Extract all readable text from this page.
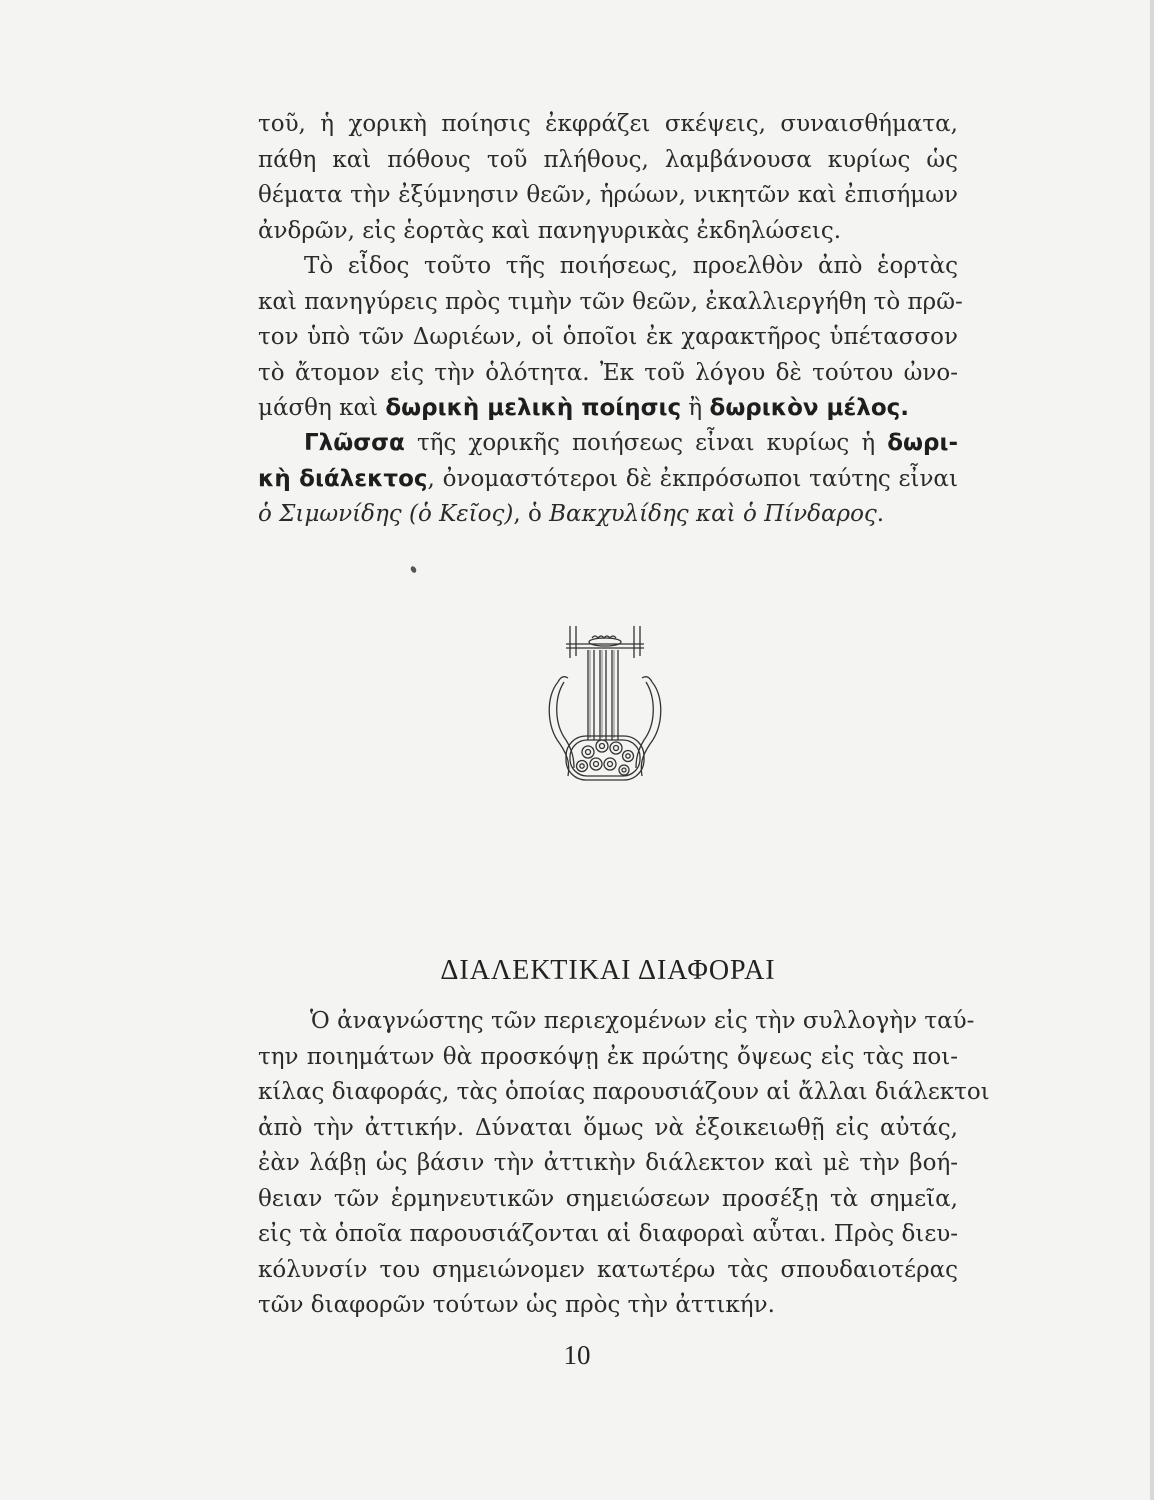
τοῦ, ἡ χορικὴ ποίησις ἐκφράζει σκέψεις, συναισθήματα,
πάθη καὶ πόθους τοῦ πλήθους, λαμβάνουσα κυρίως ὡς
θέματα τὴν ἐξύμνησιν θεῶν, ἡρώων, νικητῶν καὶ ἐπισήμων
ἀνδρῶν, εἰς ἑορτὰς καὶ πανηγυρικὰς ἐκδηλώσεις.
Τὸ εἶδος τοῦτο τῆς ποιήσεως, προελθὸν ἀπὸ ἑορτὰς
καὶ πανηγύρεις πρὸς τιμὴν τῶν θεῶν, ἐκαλλιεργήθη τὸ πρῶ-
τον ὑπὸ τῶν Δωριέων, οἱ ὁποῖοι ἐκ χαρακτῆρος ὑπέτασσον
τὸ ἄτομον εἰς τὴν ὁλότητα. Ἐκ τοῦ λόγου δὲ τούτου ὠνο-
μάσθη καὶ δωρικὴ μελικὴ ποίησις ἢ δωρικὸν μέλος.
Γλῶσσα τῆς χορικῆς ποιήσεως εἶναι κυρίως ἡ δωρι-
κὴ διάλεκτος, ὀνομαστότεροι δὲ ἐκπρόσωποι ταύτης εἶναι
ὁ Σιμωνίδης (ὁ Κεῖος), ὁ Βακχυλίδης καὶ ὁ Πίνδαρος.
ΔΙΑΛΕΚΤΙΚΑΙ ΔΙΑΦΟΡΑΙ
Ὁ ἀναγνώστης τῶν περιεχομένων εἰς τὴν συλλογὴν ταύ-
την ποιημάτων θὰ προσκόψῃ ἐκ πρώτης ὄψεως εἰς τὰς ποι-
κίλας διαφοράς, τὰς ὁποίας παρουσιάζουν αἱ ἄλλαι διάλεκτοι
ἀπὸ τὴν ἀττικήν. Δύναται ὅμως νὰ ἐξοικειωθῇ εἰς αὐτάς,
ἐὰν λάβῃ ὡς βάσιν τὴν ἀττικὴν διάλεκτον καὶ μὲ τὴν βοή-
θειαν τῶν ἑρμηνευτικῶν σημειώσεων προσέξῃ τὰ σημεῖα,
εἰς τὰ ὁποῖα παρουσιάζονται αἱ διαφοραὶ αὗται. Πρὸς διευ-
κόλυνσίν του σημειώνομεν κατωτέρω τὰς σπουδαιοτέρας
τῶν διαφορῶν τούτων ὡς πρὸς τὴν ἀττικήν.
10
